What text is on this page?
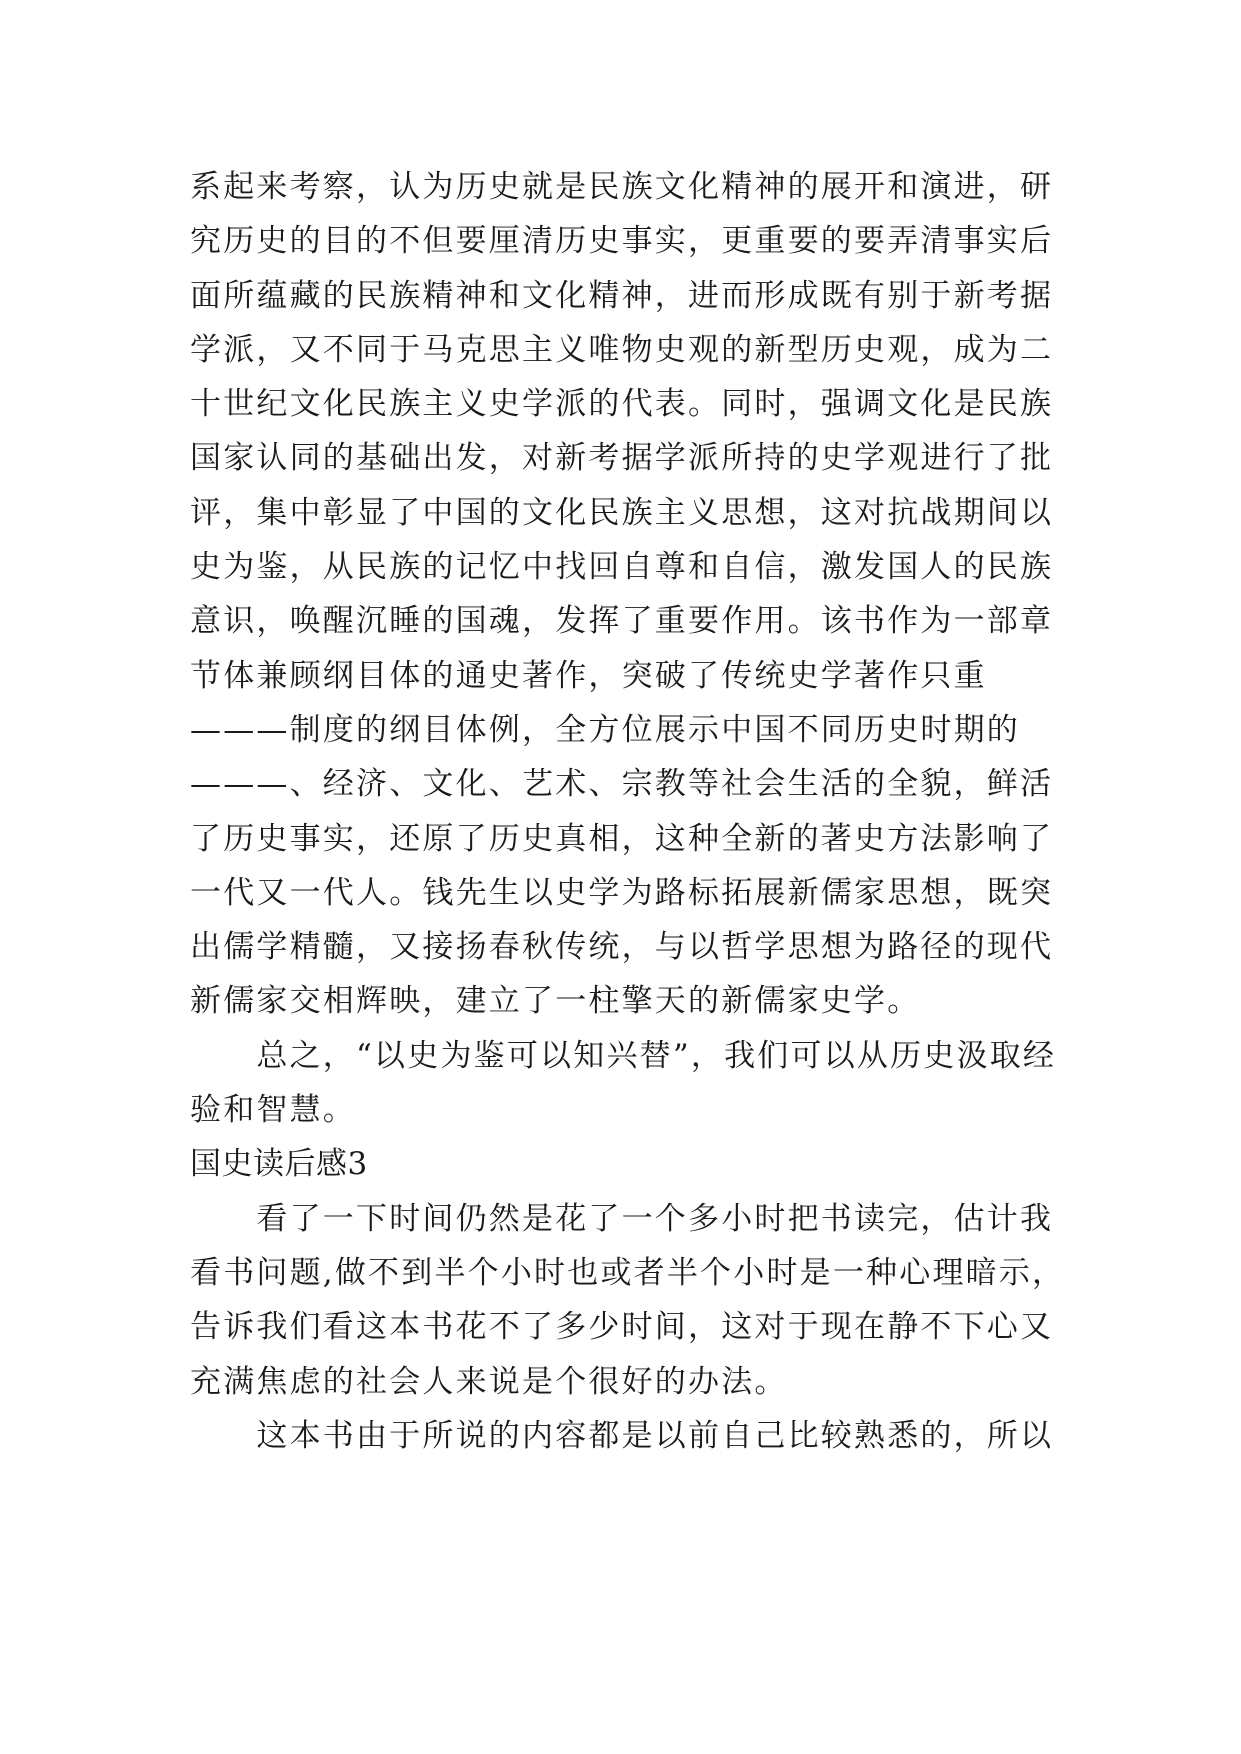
系起来考察，认为历史就是民族文化精神的展开和演进，研
究历史的目的不但要厘清历史事实，更重要的要弄清事实后
面所蕴藏的民族精神和文化精神，进而形成既有别于新考据
学派，又不同于马克思主义唯物史观的新型历史观，成为二
十世纪文化民族主义史学派的代表。同时，强调文化是民族
国家认同的基础出发，对新考据学派所持的史学观进行了批
评，集中彰显了中国的文化民族主义思想，这对抗战期间以
史为鉴，从民族的记忆中找回自尊和自信，激发国人的民族
意识，唤醒沉睡的国魂，发挥了重要作用。该书作为一部章
节体兼顾纲目体的通史著作，突破了传统史学著作只重
———制度的纲目体例，全方位展示中国不同历史时期的
———、经济、文化、艺术、宗教等社会生活的全貌，鲜活
了历史事实，还原了历史真相，这种全新的著史方法影响了
一代又一代人。钱先生以史学为路标拓展新儒家思想，既突
出儒学精髓，又接扬春秋传统，与以哲学思想为路径的现代
新儒家交相辉映，建立了一柱擎天的新儒家史学。
　　总之，“以史为鉴可以知兴替”，我们可以从历史汲取经
验和智慧。
国史读后感3
　　看了一下时间仍然是花了一个多小时把书读完，估计我
看书问题,做不到半个小时也或者半个小时是一种心理暗示，
告诉我们看这本书花不了多少时间，这对于现在静不下心又
充满焦虑的社会人来说是个很好的办法。
　　这本书由于所说的内容都是以前自己比较熟悉的，所以
